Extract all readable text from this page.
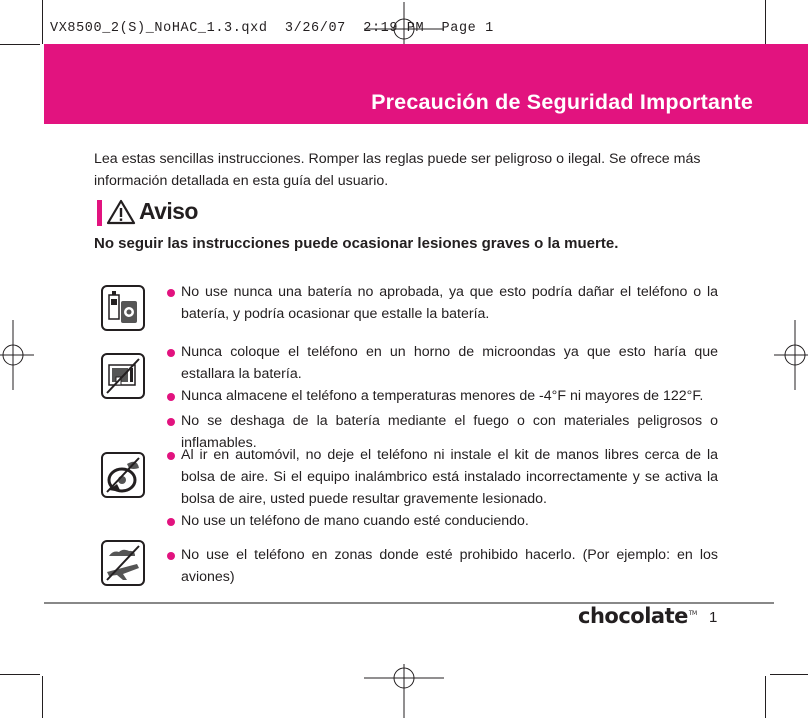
VX8500_2(S)_NoHAC_1.3.qxd  3/26/07  2:19 PM  Page 1
Precaución de Seguridad Importante
Lea estas sencillas instrucciones. Romper las reglas puede ser peligroso o ilegal. Se ofrece más información detallada en esta guía del usuario.
Aviso
No seguir las instrucciones puede ocasionar lesiones graves o la muerte.
No use nunca una batería no aprobada, ya que esto podría dañar el teléfono o la batería, y podría ocasionar que estalle la batería.
Nunca coloque el teléfono en un horno de microondas ya que esto haría que estallara la batería.
Nunca almacene el teléfono a temperaturas menores de -4°F ni mayores de 122°F.
No se deshaga de la batería mediante el fuego o con materiales peligrosos o inflamables.
Al ir en automóvil, no deje el teléfono ni instale el kit de manos libres cerca de la bolsa de aire. Si el equipo inalámbrico está instalado incorrectamente y se activa la bolsa de aire, usted puede resultar gravemente lesionado.
No use un teléfono de mano cuando esté conduciendo.
No use el teléfono en zonas donde esté prohibido hacerlo. (Por ejemplo: en los aviones)
chocolate™ 1
